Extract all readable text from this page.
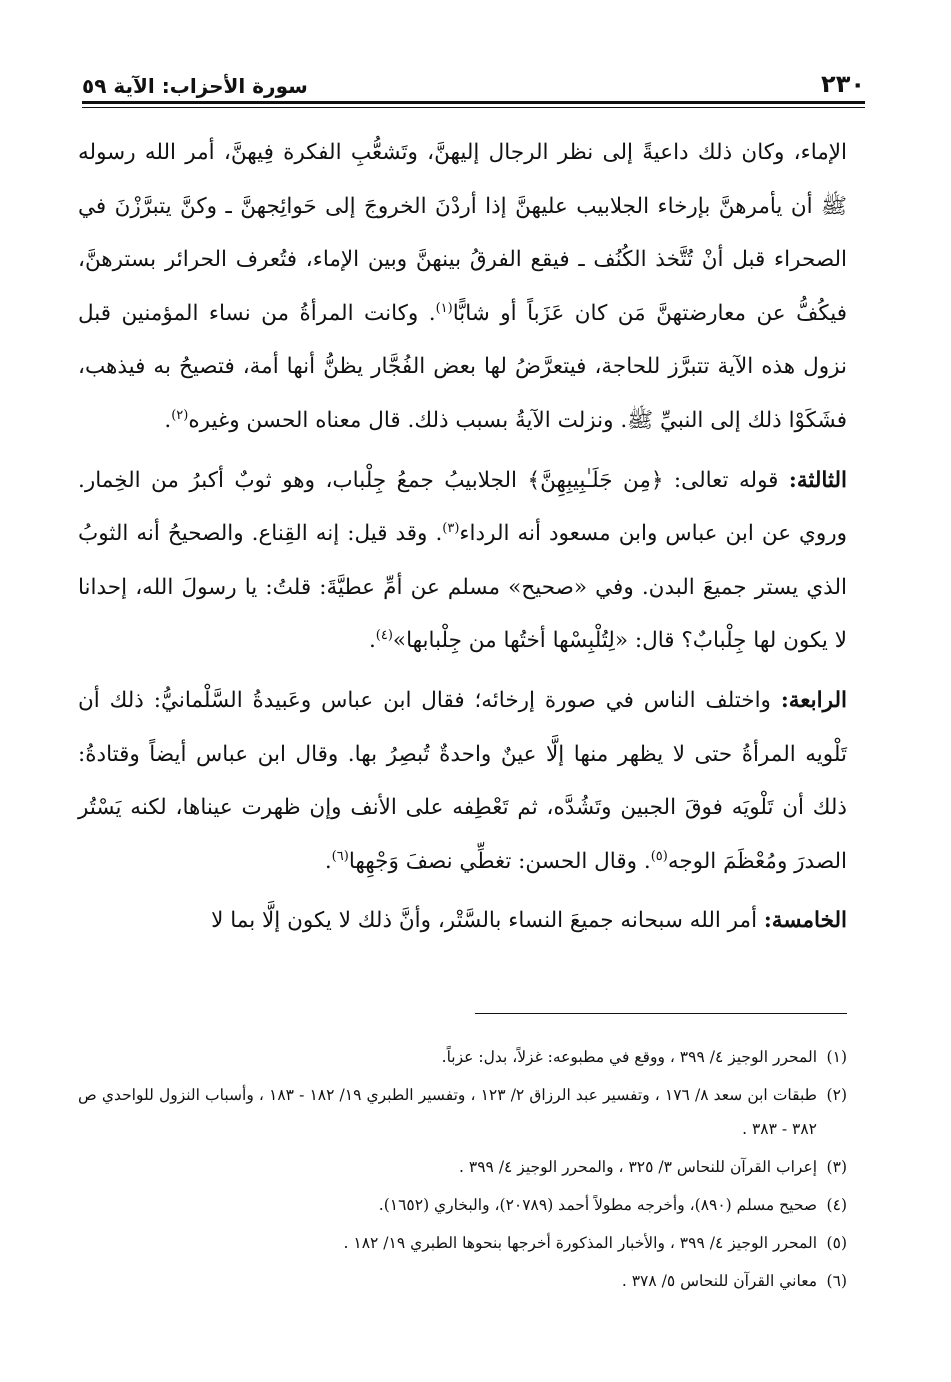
٢٣٠
سورة الأحزاب: الآية ٥٩

الإماء، وكان ذلك داعيةً إلى نظر الرجال إليهنَّ، وتَشعُّبِ الفكرة فِيهنَّ، أمر الله رسوله ﷺ أن يأمرهنَّ بإرخاء الجلابيب عليهنَّ إذا أردْنَ الخروجَ إلى حَوائِجهنَّ ـ وكنَّ يتبرَّزْنَ في الصحراء قبل أنْ تُتَّخذ الكُنُف ـ فيقع الفرقُ بينهنَّ وبين الإماء، فتُعرف الحرائر بسترهنَّ، فيكُفُّ عن معارضتهنَّ مَن كان عَزَباً أو شابًّا$^{(١)}$. وكانت المرأةُ من نساء المؤمنين قبل نزول هذه الآية تتبرَّز للحاجة، فيتعرَّضُ لها بعض الفُجَّار يظنُّ أنها أمة، فتصيحُ به فيذهب، فشَكَوْا ذلك إلى النبيِّ ﷺ. ونزلت الآيةُ بسبب ذلك. قال معناه الحسن وغيره$^{(٢)}$.

الثالثة: قوله تعالى: ﴿مِن جَلَـٰبِيبِهِنَّ﴾ الجلابيبُ جمعُ جِلْباب، وهو ثوبٌ أكبرُ من الخِمار. وروي عن ابن عباس وابن مسعود أنه الرداء$^{(٣)}$. وقد قيل: إنه القِناع. والصحيحُ أنه الثوبُ الذي يستر جميعَ البدن. وفي «صحيح» مسلم عن أمِّ عطيَّةَ: قلتُ: يا رسولَ الله، إحدانا لا يكون لها جِلْبابٌ؟ قال: «لِتُلْبِسْها أختُها من جِلْبابها»$^{(٤)}$.

الرابعة: واختلف الناس في صورة إرخائه؛ فقال ابن عباس وعَبيدةُ السَّلْمانيُّ: ذلك أن تَلْويه المرأةُ حتى لا يظهر منها إلَّا عينٌ واحدةٌ تُبصِرُ بها. وقال ابن عباس أيضاً وقتادةُ: ذلك أن تَلْويَه فوقَ الجبين وتَشُدَّه، ثم تَعْطِفه على الأنف وإن ظهرت عيناها، لكنه يَسْتُر الصدرَ ومُعْظَمَ الوجه$^{(٥)}$. وقال الحسن: تغطِّي نصفَ وَجْهِها$^{(٦)}$.

الخامسة: أمر الله سبحانه جميعَ النساء بالسَّتْر، وأنَّ ذلك لا يكون إلَّا بما لا

(١)
المحرر الوجيز ٤/ ٣٩٩ ، ووقع في مطبوعه: غزلاً، بدل: عزباً.

(٢)
طبقات ابن سعد ٨/ ١٧٦ ، وتفسير عبد الرزاق ٢/ ١٢٣ ، وتفسير الطبري ١٩/ ١٨٢ - ١٨٣ ، وأسباب النزول للواحدي ص ٣٨٢ - ٣٨٣ .

(٣)
إعراب القرآن للنحاس ٣/ ٣٢٥ ، والمحرر الوجيز ٤/ ٣٩٩ .

(٤)
صحيح مسلم (٨٩٠)، وأخرجه مطولاً أحمد (٢٠٧٨٩)، والبخاري (١٦٥٢).

(٥)
المحرر الوجيز ٤/ ٣٩٩ ، والأخبار المذكورة أخرجها بنحوها الطبري ١٩/ ١٨٢ .

(٦)
معاني القرآن للنحاس ٥/ ٣٧٨ .
